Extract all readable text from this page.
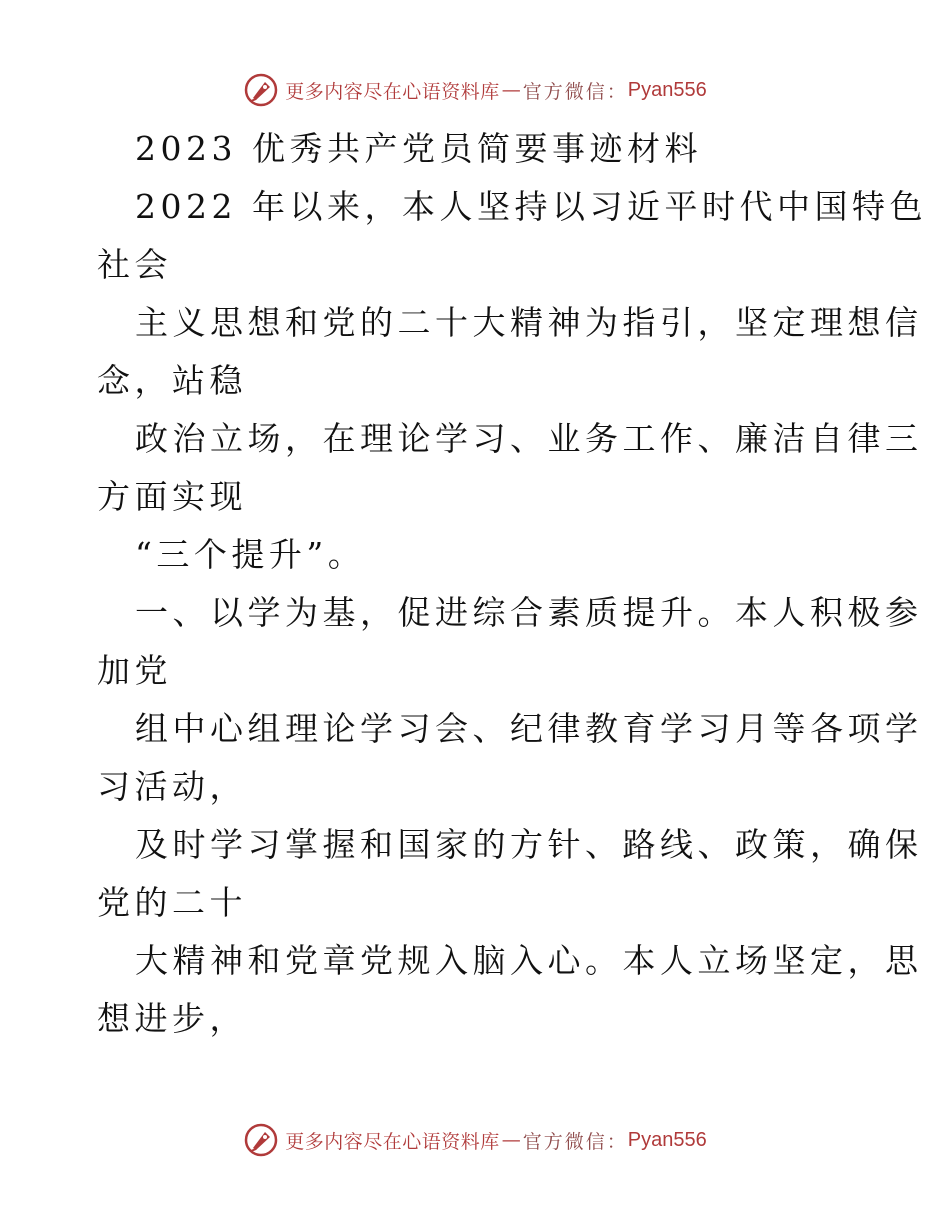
更多内容尽在心语资料库 — 官方微信： Pyan556
2023 优秀共产党员简要事迹材料
2022 年以来，本人坚持以习近平时代中国特色
社会
主义思想和党的二十大精神为指引，坚定理想信
念，站稳
政治立场，在理论学习、业务工作、廉洁自律三
方面实现
“三个提升”。
一、以学为基，促进综合素质提升。本人积极参
加党
组中心组理论学习会、纪律教育学习月等各项学
习活动，
及时学习掌握和国家的方针、路线、政策，确保
党的二十
大精神和党章党规入脑入心。本人立场坚定，思
想进步，
更多内容尽在心语资料库 — 官方微信： Pyan556
